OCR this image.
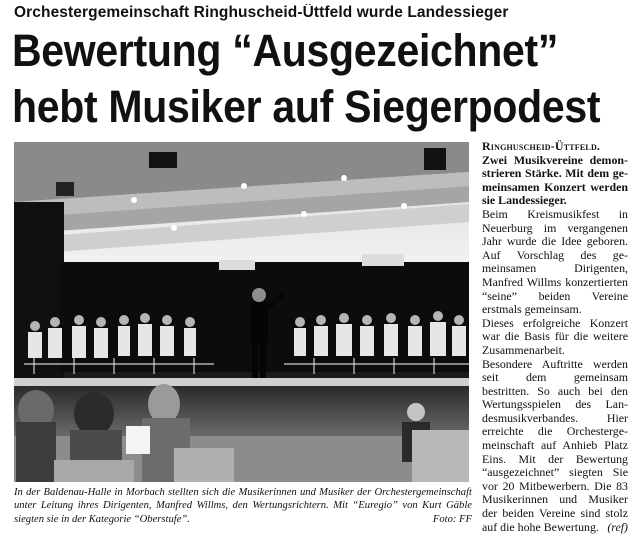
Orchestergemeinschaft Ringhuscheid-Üttfeld wurde Landessieger
Bewertung “Ausgezeichnet”
hebt Musiker auf Siegerpodest
In der Baldenau-Halle in Morbach stellten sich die Musikerinnen und Musiker der Orchestergemeinschaft unter Leitung ihres Dirigenten, Manfred Willms, den Wertungsrichtern. Mit “Euregio” von Kurt Gäble siegten sie in der Kategorie “Oberstufe”.	Foto: FF

Ringhuscheid-Üttfeld.

Zwei Musikvereine demonstrieren Stärke. Mit dem gemeinsamen Konzert werden sie Landessieger.

Beim Kreismusikfest in Neuerburg im vergangenen Jahr wurde die Idee geboren. Auf Vorschlag des gemeinsamen Dirigenten, Manfred Willms konzertierten “seine” beiden Vereine erstmals gemeinsam.

Dieses erfolgreiche Konzert war die Basis für die weitere Zusammenarbeit.

Besondere Auftritte werden seit dem gemeinsam bestritten. So auch bei den Wertungsspielen des Landesmusikverbandes. Hier erreichte die Orchestergemeinschaft auf Anhieb Platz Eins. Mit der Bewertung “ausgezeichnet” siegten Sie vor 20 Mitbewerbern. Die 83 Musikerinnen und Musiker der beiden Vereine sind stolz auf die hohe Bewertung. (ref)
